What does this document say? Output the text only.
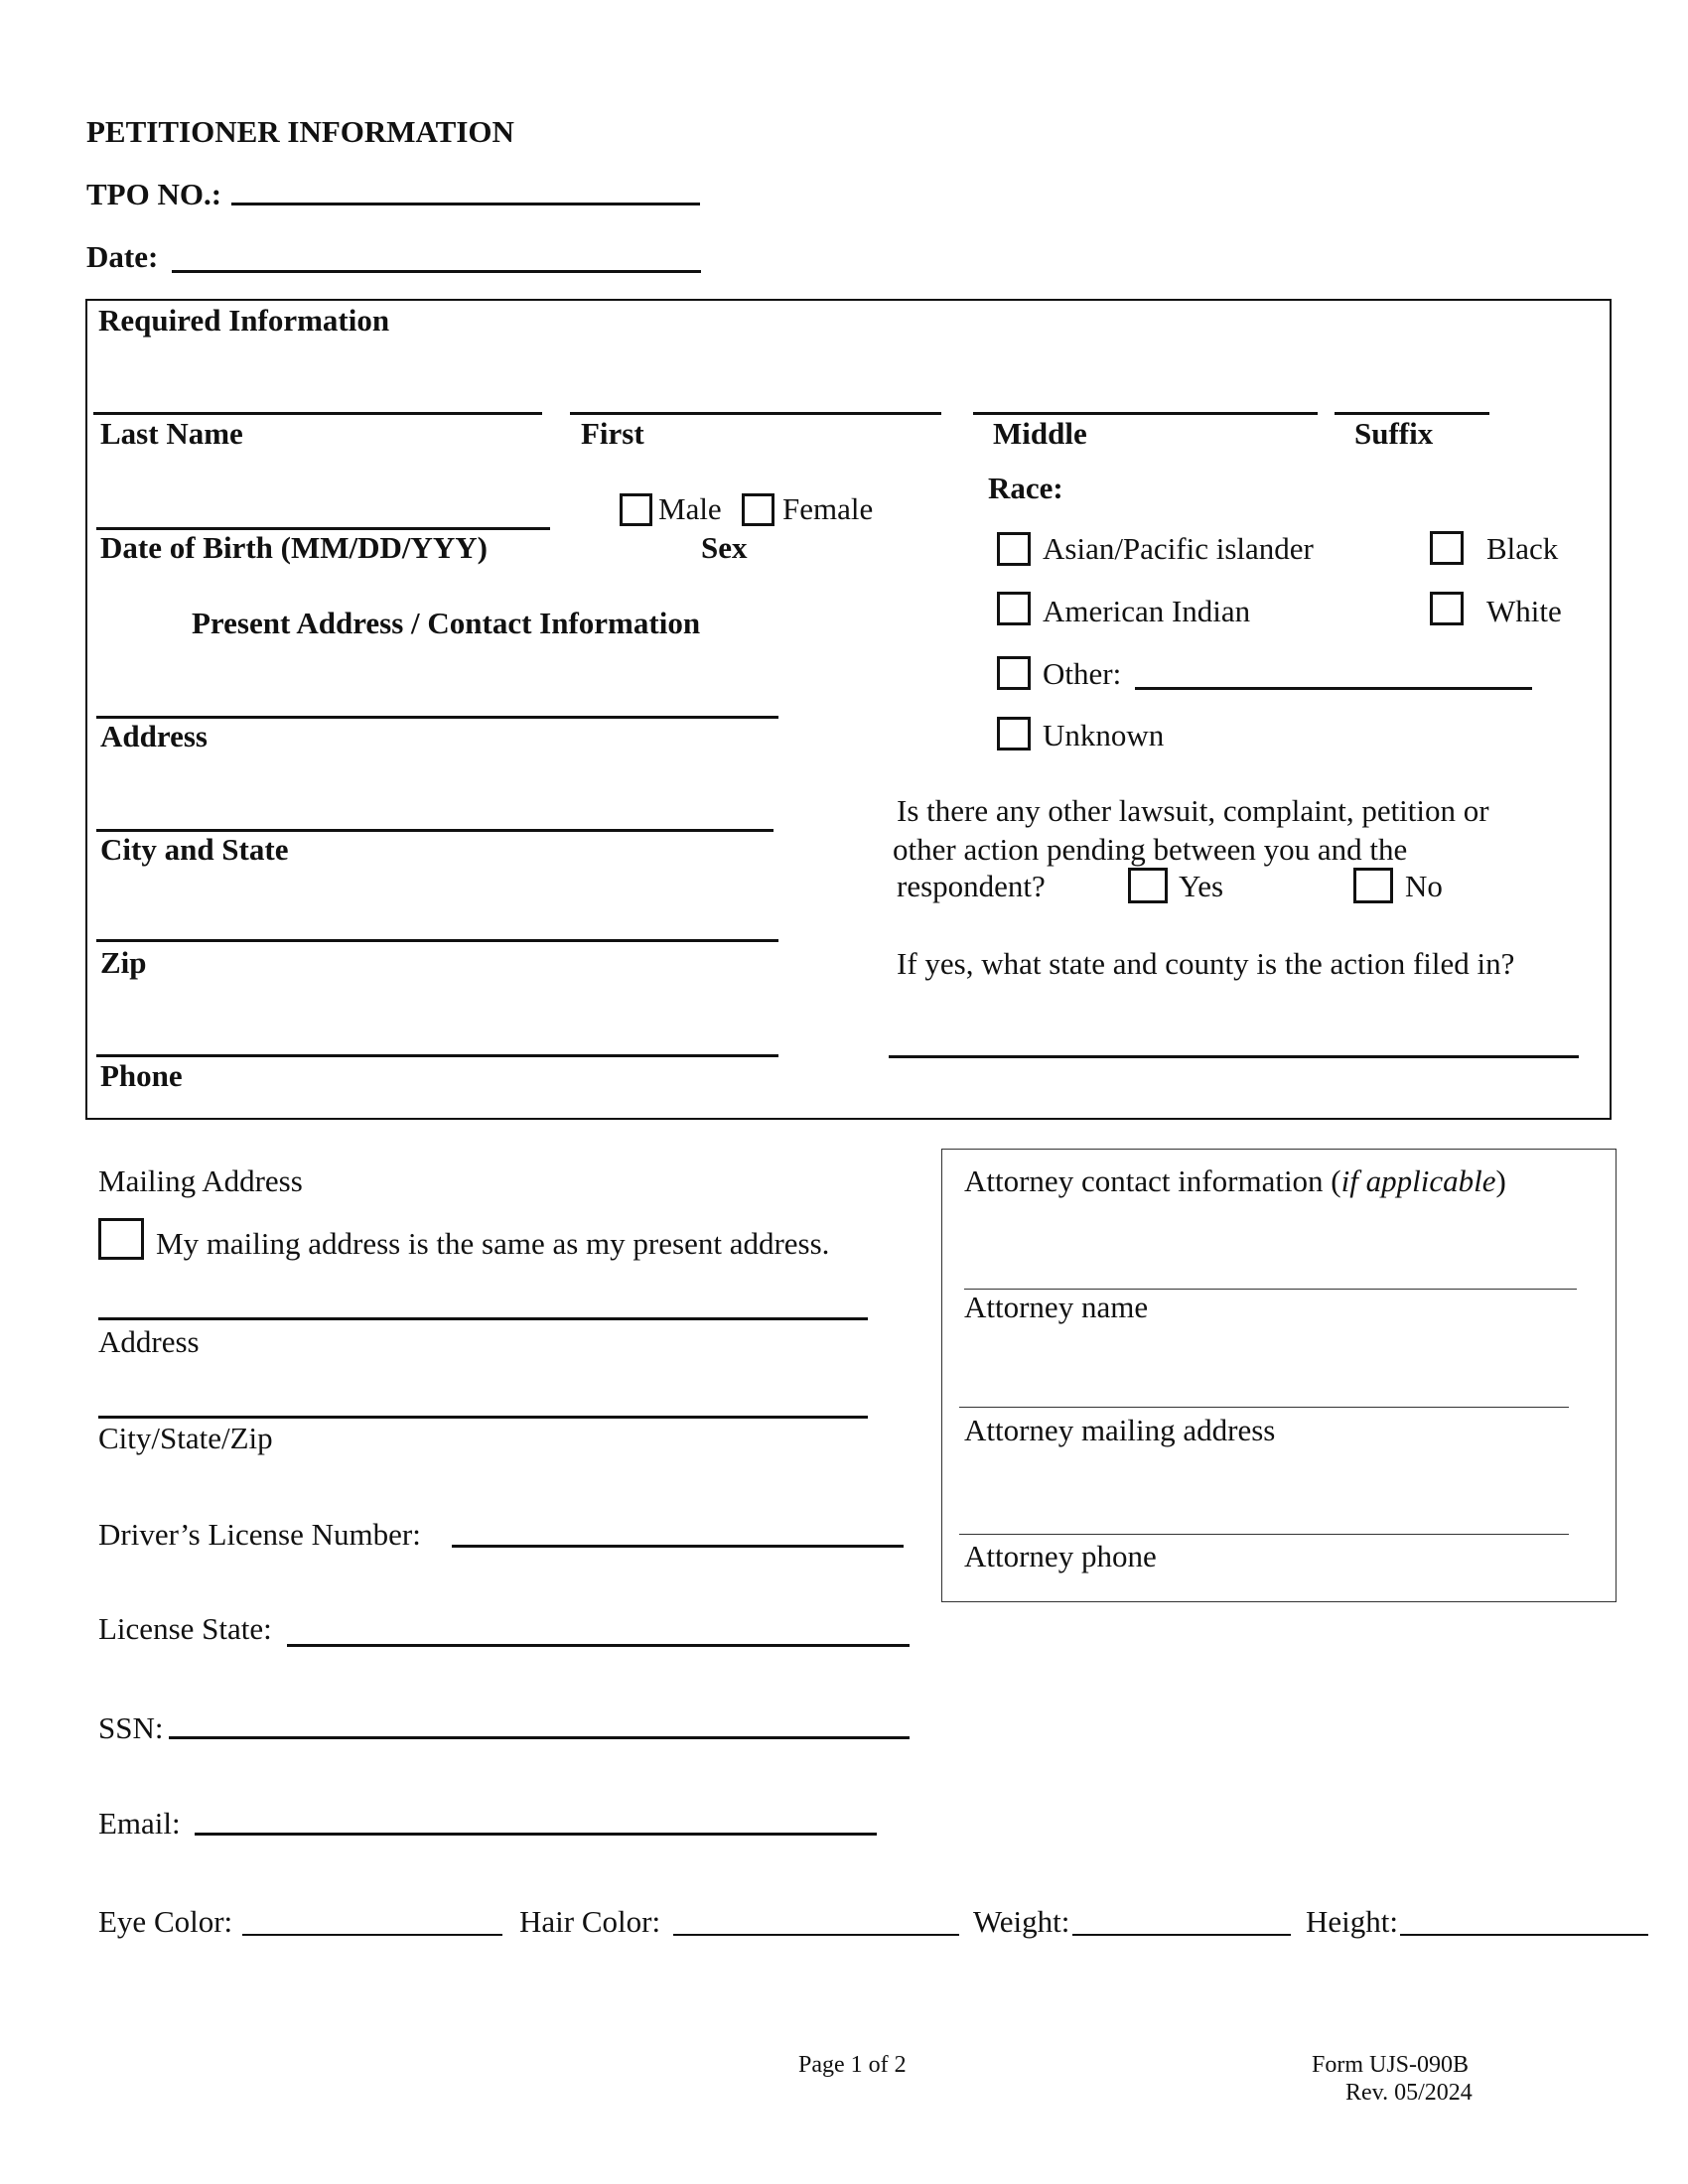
PETITIONER INFORMATION
TPO NO.:
Date:
Required Information
Last Name	First	Middle	Suffix
Date of Birth (MM/DD/YYY)
Male Female
Sex
Race:
Asian/Pacific islander	Black
American Indian	White
Other:
Unknown
Present Address / Contact Information
Address
City and State
Zip
Phone
Is there any other lawsuit, complaint, petition or
other action pending between you and the
respondent?	Yes	No
If yes, what state and county is the action filed in?
Mailing Address
My mailing address is the same as my present address.
Address
City/State/Zip
Driver’s License Number:
License State:
SSN:
Email:
Attorney contact information (if applicable)
Attorney name
Attorney mailing address
Attorney phone
Eye Color:	Hair Color:	Weight:	Height:
Page 1 of 2	Form UJS-090B
Rev. 05/2024
